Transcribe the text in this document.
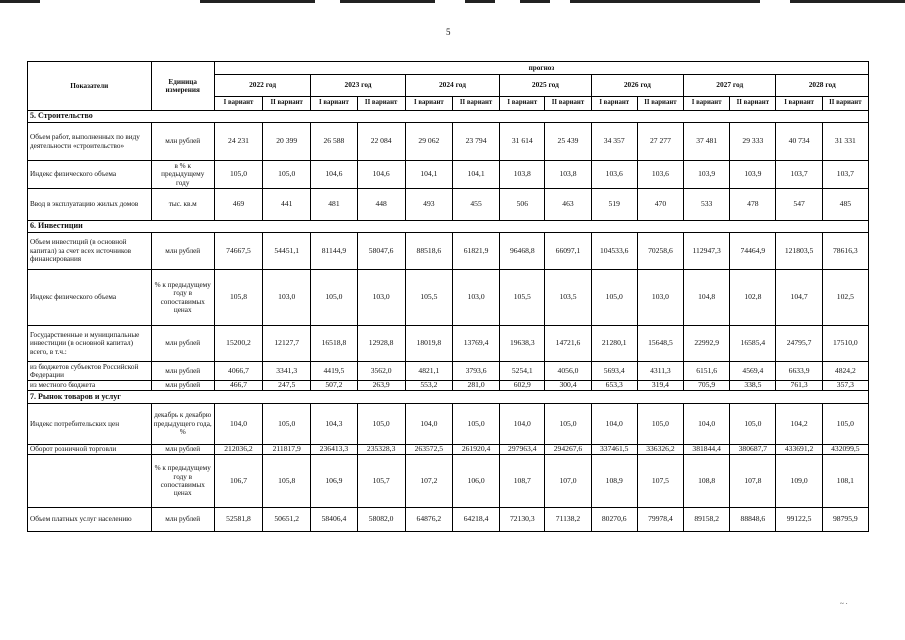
5
Показатели	Единица измерения	прогноз													
		2022 год		2023 год		2024 год		2025 год		2026 год		2027 год		2028 год	
		I вариант	II вариант	I вариант	II вариант	I вариант	II вариант	I вариант	II вариант	I вариант	II вариант	I вариант	II вариант	I вариант	II вариант
5. Строительство															
Объем работ, выполненных по виду деятельности «строительство»	млн рублей	24 231	20 399	26 588	22 084	29 062	23 794	31 614	25 439	34 357	27 277	37 481	29 333	40 734	31 331
Индекс физического объема	в % к предыдущему году	105,0	105,0	104,6	104,6	104,1	104,1	103,8	103,8	103,6	103,6	103,9	103,9	103,7	103,7
Ввод в эксплуатацию жилых домов	тыс. кв.м	469	441	481	448	493	455	506	463	519	470	533	478	547	485
6. Инвестиции															
Объем инвестиций (в основной капитал) за счет всех источников финансирования	млн рублей	74667,5	54451,1	81144,9	58047,6	88518,6	61821,9	96468,8	66097,1	104533,6	70258,6	112947,3	74464,9	121803,5	78616,3
Индекс физического объема	% к предыдущему году в сопоставимых ценах	105,8	103,0	105,0	103,0	105,5	103,0	105,5	103,5	105,0	103,0	104,8	102,8	104,7	102,5
Государственные и муниципальные инвестиции (в основной капитал) всего, в т.ч.:	млн рублей	15200,2	12127,7	16518,8	12928,8	18019,8	13769,4	19638,3	14721,6	21280,1	15648,5	22992,9	16585,4	24795,7	17510,0
из бюджетов субъектов Российской Федерации	млн рублей	4066,7	3341,3	4419,5	3562,0	4821,1	3793,6	5254,1	4056,0	5693,4	4311,3	6151,6	4569,4	6633,9	4824,2
из местного бюджета	млн рублей	466,7	247,5	507,2	263,9	553,2	281,0	602,9	300,4	653,3	319,4	705,9	338,5	761,3	357,3
7. Рынок товаров и услуг															
Индекс потребительских цен	декабрь к декабрю предыдущего года, %	104,0	105,0	104,3	105,0	104,0	105,0	104,0	105,0	104,0	105,0	104,0	105,0	104,2	105,0
Оборот розничной торговли	млн рублей	212036,2	211817,9	236413,3	235328,3	263572,5	261920,4	297963,4	294267,6	337461,5	336326,2	381844,4	380687,7	433691,2	432099,5
	% к предыдущему году в сопоставимых ценах	106,7	105,8	106,9	105,7	107,2	106,0	108,7	107,0	108,9	107,5	108,8	107,8	109,0	108,1
Объем платных услуг населению	млн рублей	52581,8	50651,2	58406,4	58082,0	64876,2	64218,4	72130,3	71138,2	80270,6	79978,4	89158,2	88848,6	99122,5	98795,9
~ ·
